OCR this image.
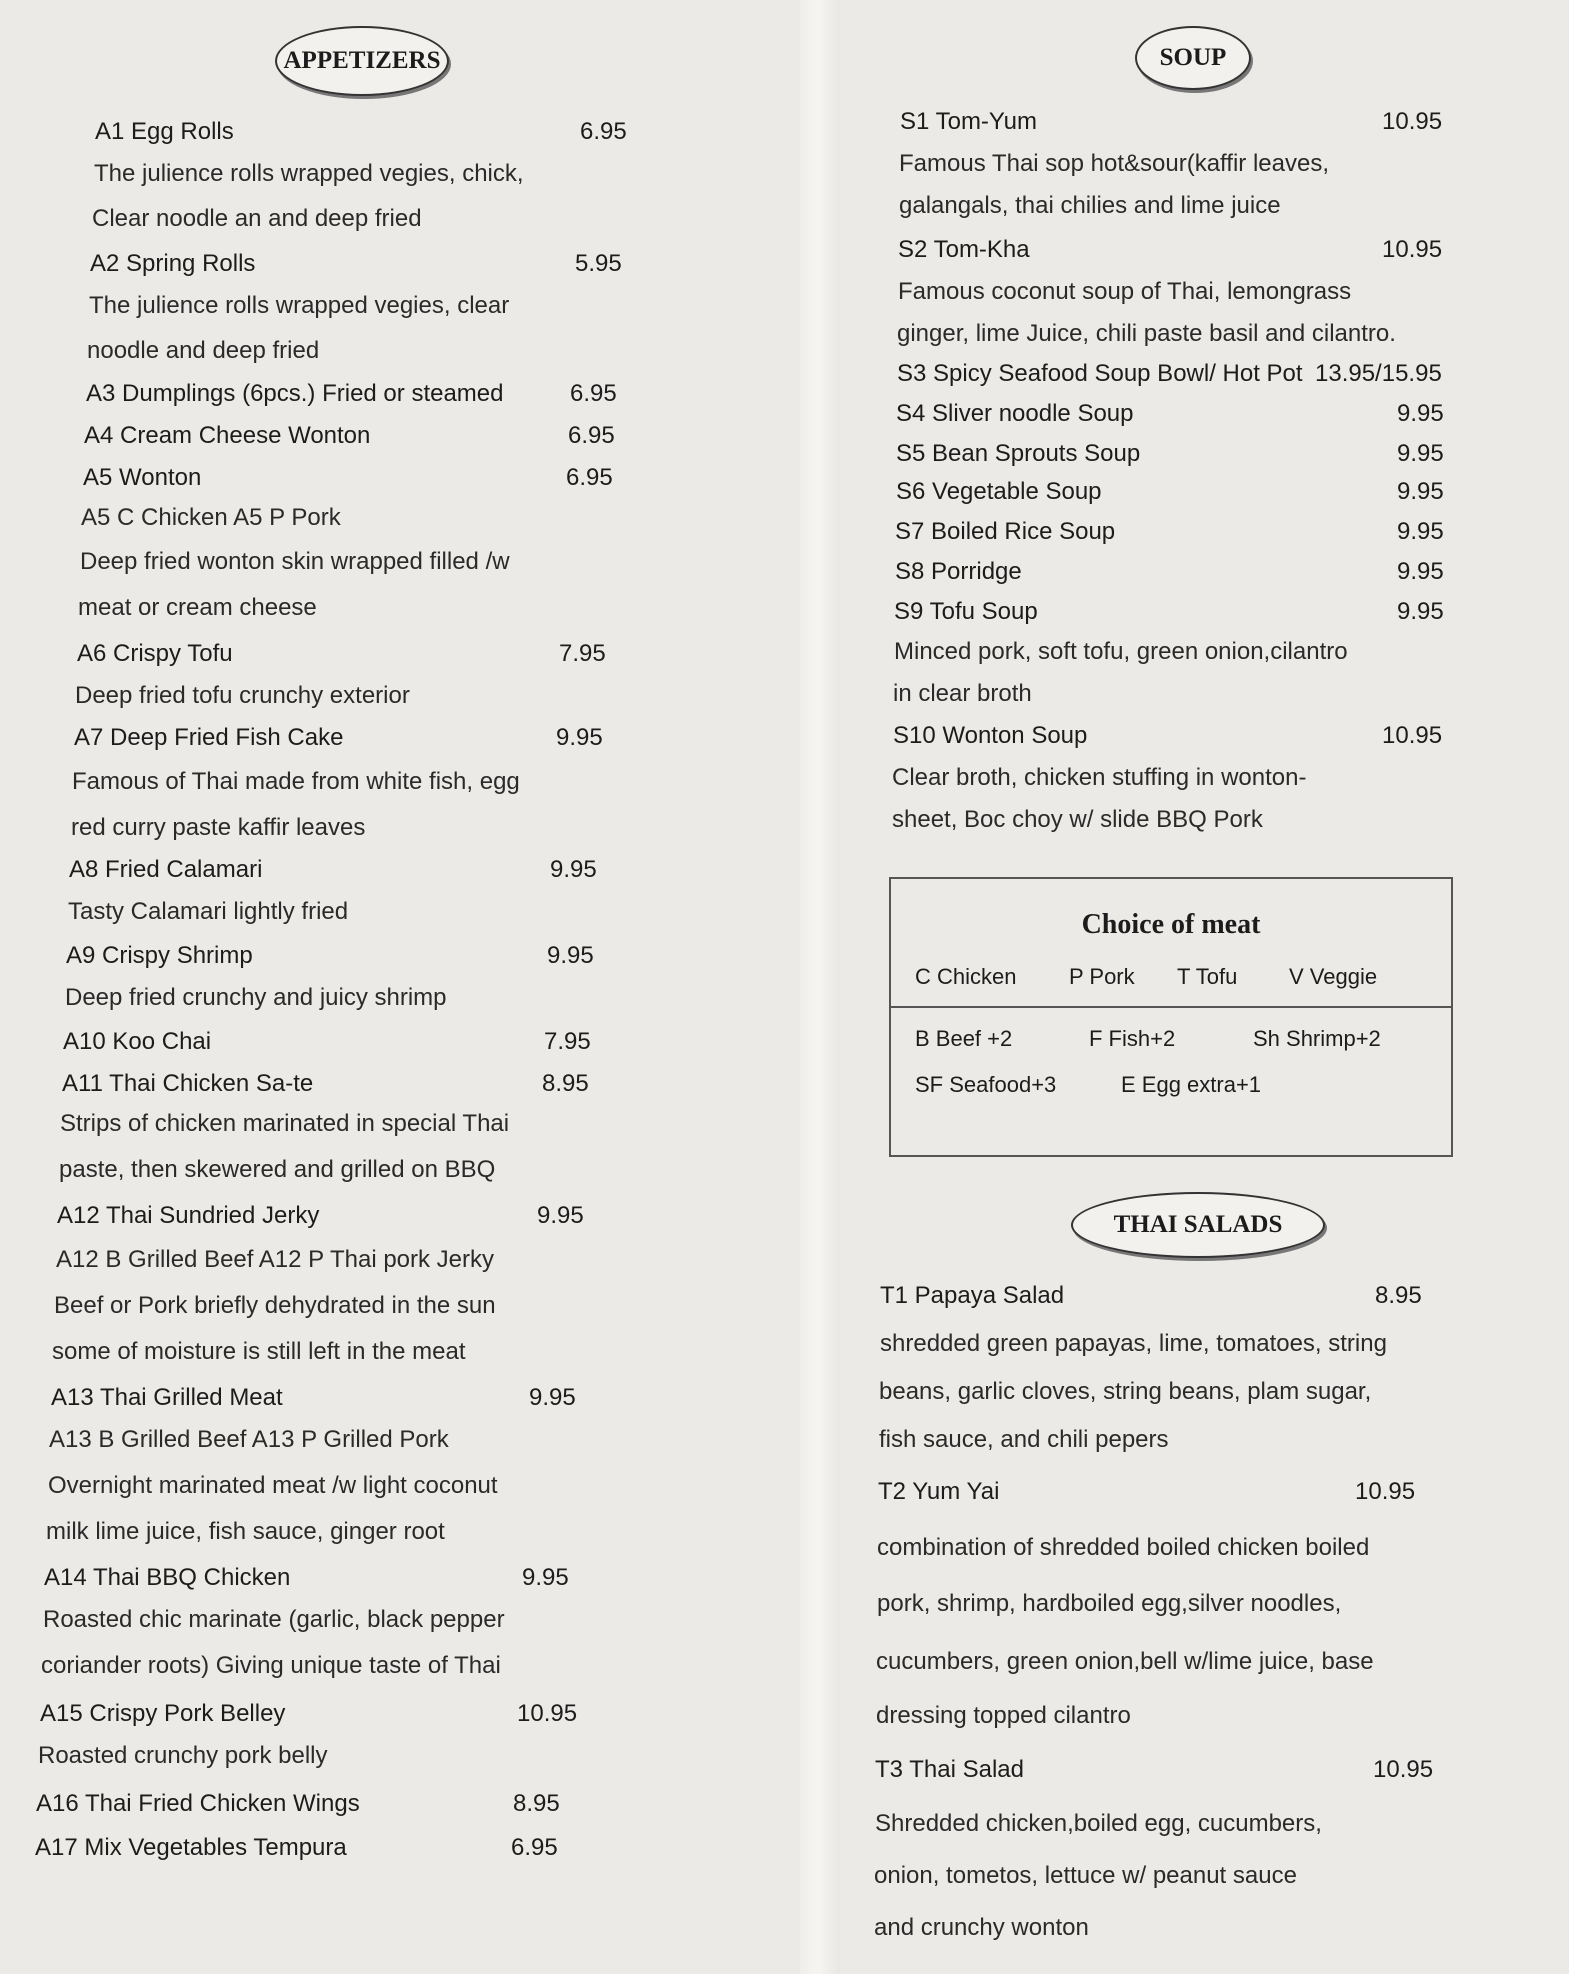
APPETIZERS
A1 Egg Rolls	6.95
The julience rolls wrapped vegies, chick,
Clear noodle an and deep fried
A2 Spring Rolls	5.95
The julience rolls wrapped vegies, clear
noodle and deep fried
A3 Dumplings (6pcs.) Fried or steamed	6.95
A4 Cream Cheese Wonton	6.95
A5 Wonton	6.95
A5 C Chicken A5 P Pork
Deep fried wonton skin wrapped filled /w
meat or cream cheese
A6 Crispy Tofu	7.95
Deep fried tofu crunchy exterior
A7 Deep Fried Fish Cake	9.95
Famous of Thai made from white fish, egg
red curry paste kaffir leaves
A8 Fried Calamari	9.95
Tasty Calamari lightly fried
A9 Crispy Shrimp	9.95
Deep fried crunchy and juicy shrimp
A10 Koo Chai	7.95
A11 Thai Chicken Sa-te	8.95
Strips of chicken marinated in special Thai
paste, then skewered and grilled on BBQ
A12 Thai Sundried Jerky	9.95
A12 B Grilled Beef A12 P Thai pork Jerky
Beef or Pork briefly dehydrated in the sun
some of moisture is still left in the meat
A13 Thai Grilled Meat	9.95
A13 B Grilled Beef A13 P Grilled Pork
Overnight marinated meat /w light coconut
milk lime juice, fish sauce, ginger root
A14 Thai BBQ Chicken	9.95
Roasted chic marinate (garlic, black pepper
coriander roots) Giving unique taste of Thai
A15 Crispy Pork Belley	10.95
Roasted crunchy pork belly
A16 Thai Fried Chicken Wings	8.95
A17 Mix Vegetables Tempura	6.95
SOUP
S1 Tom-Yum	10.95
Famous Thai sop hot&sour(kaffir leaves,
galangals, thai chilies and lime juice
S2 Tom-Kha	10.95
Famous coconut soup of Thai, lemongrass
ginger, lime Juice, chili paste basil and cilantro.
S3 Spicy Seafood Soup Bowl/ Hot Pot 13.95/15.95
S4 Sliver noodle Soup	9.95
S5 Bean Sprouts Soup	9.95
S6 Vegetable Soup	9.95
S7 Boiled Rice Soup	9.95
S8 Porridge	9.95
S9 Tofu Soup	9.95
Minced pork, soft tofu, green onion,cilantro
in clear broth
S10 Wonton Soup	10.95
Clear broth, chicken stuffing in wonton-
sheet, Boc choy w/ slide BBQ Pork
Choice of meat
C Chicken P Pork T Tofu V Veggie
B Beef +2	F Fish+2	Sh Shrimp+2
SF Seafood+3	E Egg extra+1
THAI SALADS
T1 Papaya Salad	8.95
shredded green papayas, lime, tomatoes, string
beans, garlic cloves, string beans, plam sugar,
fish sauce, and chili pepers
T2 Yum Yai	10.95
combination of shredded boiled chicken boiled
pork, shrimp, hardboiled egg,silver noodles,
cucumbers, green onion,bell w/lime juice, base
dressing topped cilantro
T3 Thai Salad	10.95
Shredded chicken,boiled egg, cucumbers,
onion, tometos, lettuce w/ peanut sauce
and crunchy wonton
